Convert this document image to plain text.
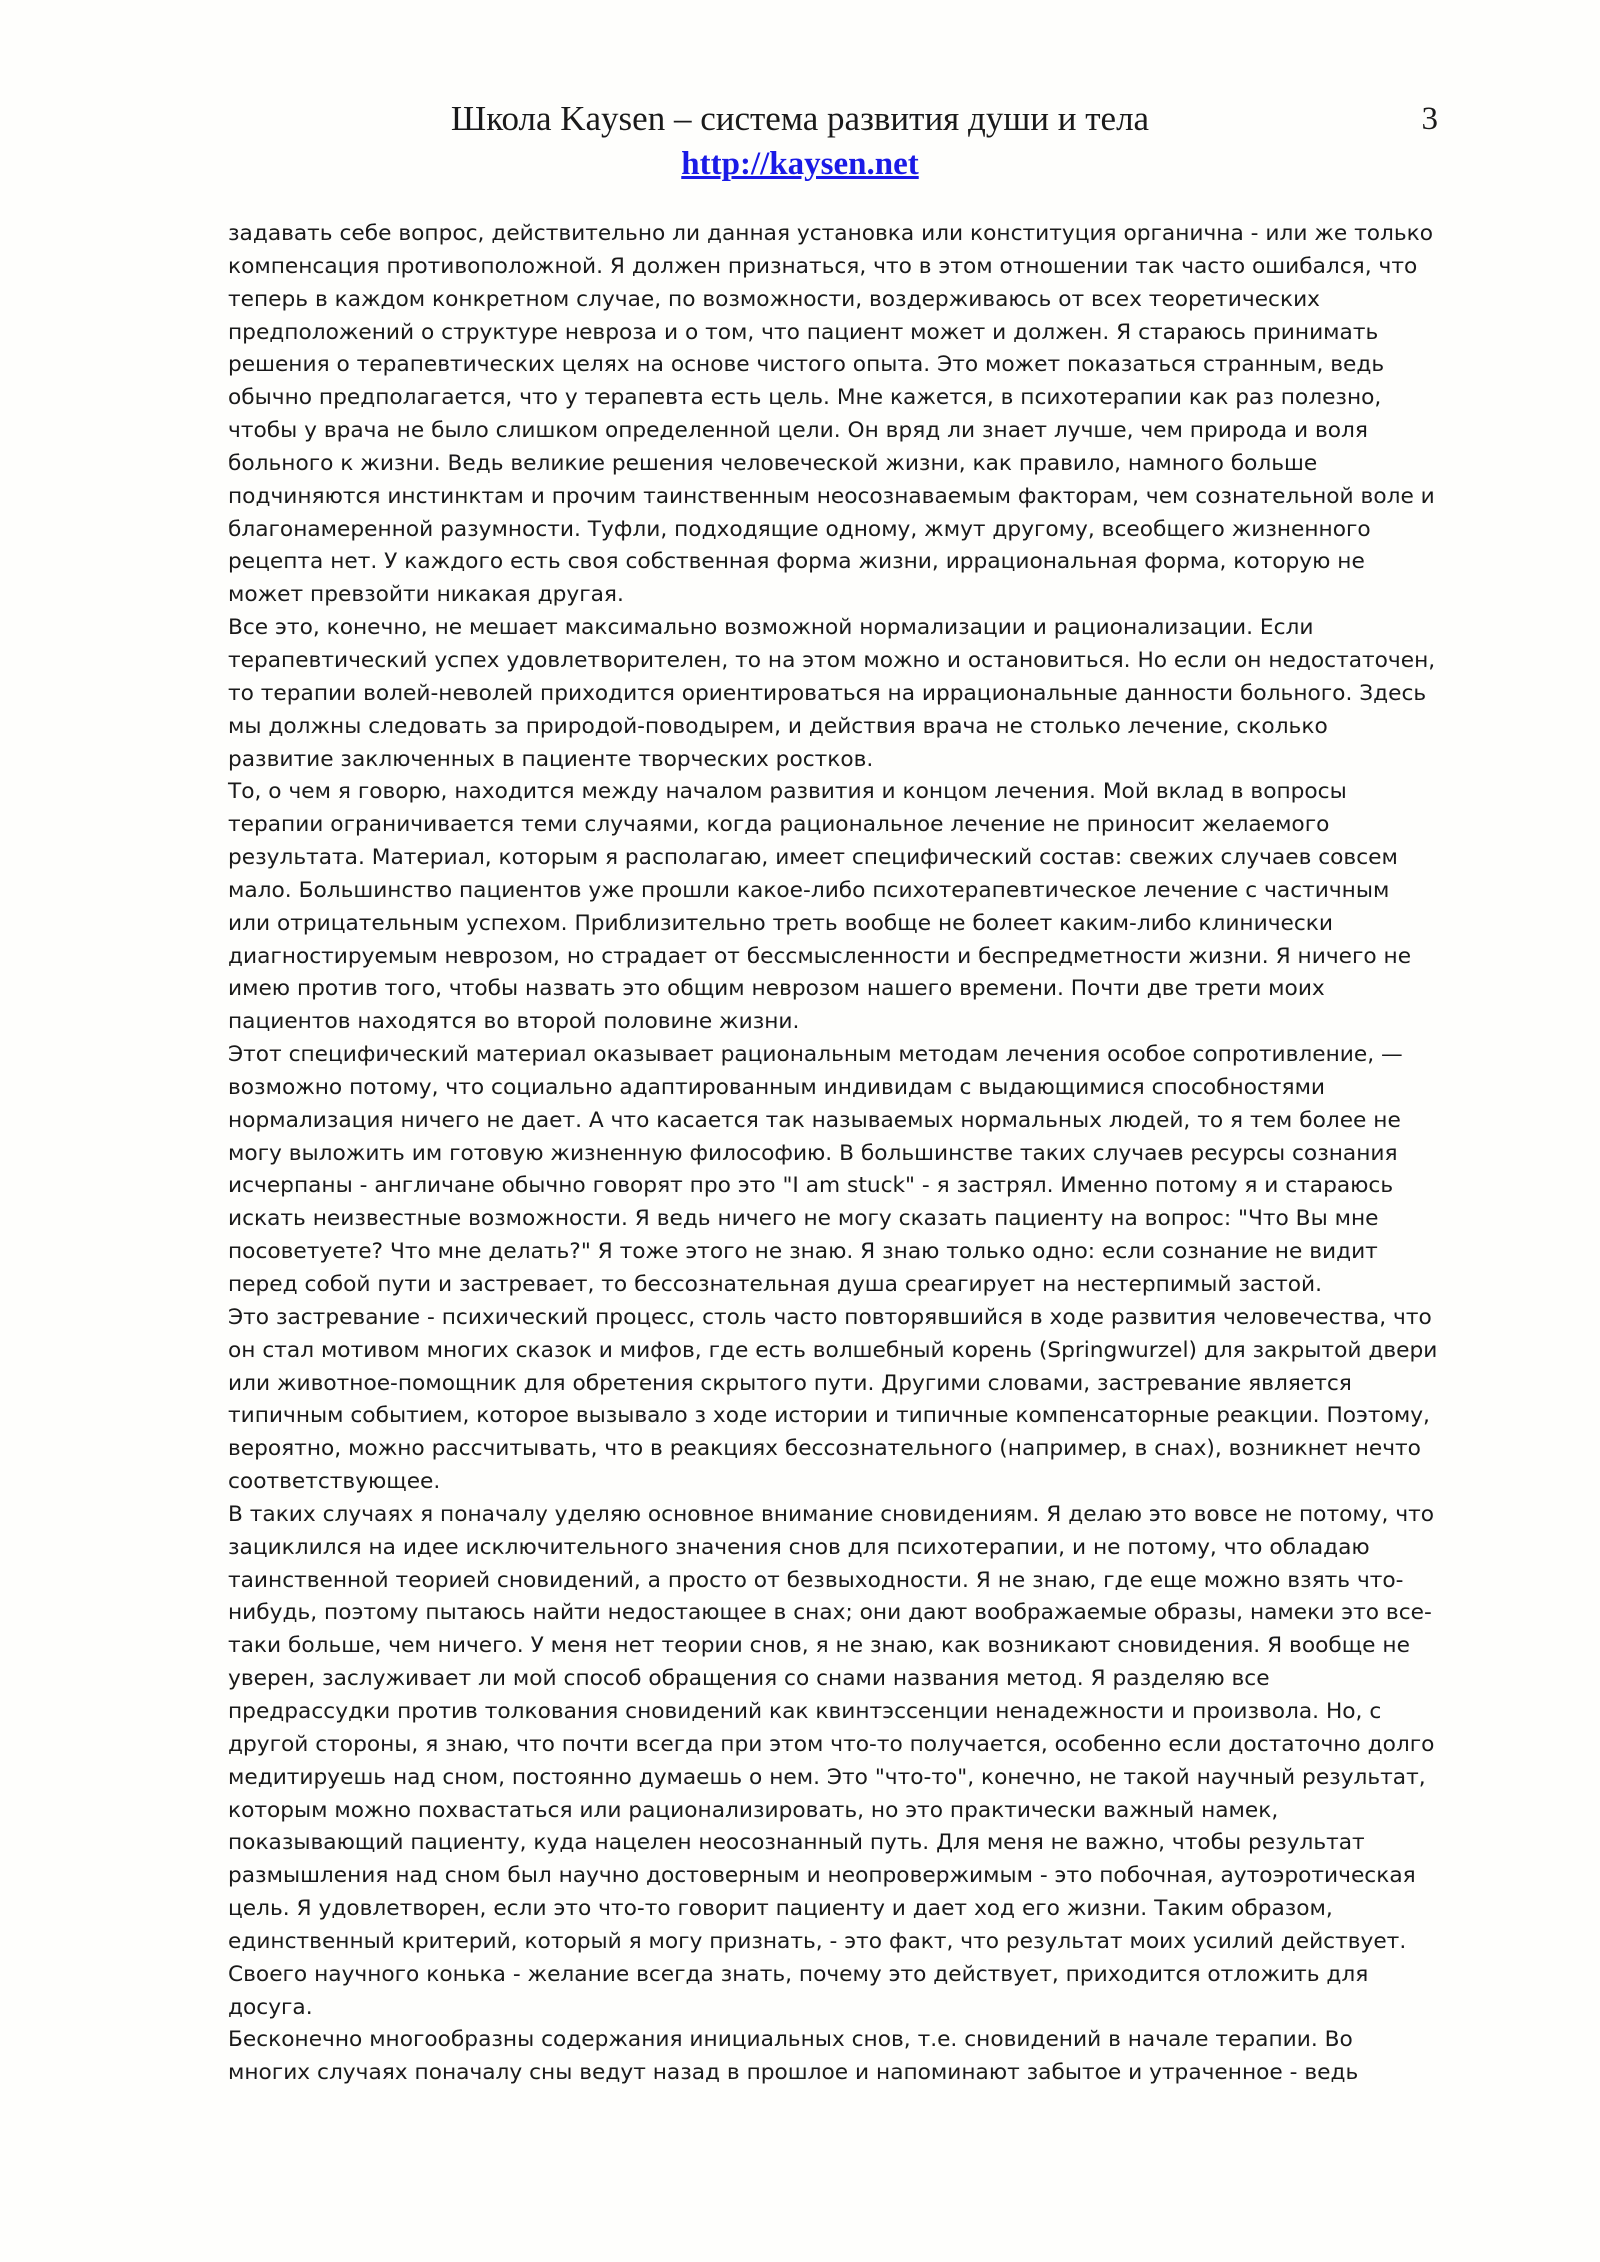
Школа Kaysen – система развития души и тела
http://kaysen.net
3

задавать себе вопрос, действительно ли данная установка или конституция органична - или же только компенсация противоположной. Я должен признаться, что в этом отношении так часто ошибался, что теперь в каждом конкретном случае, по возможности, воздерживаюсь от всех теоретических предположений о структуре невроза и о том, что пациент может и должен. Я стараюсь принимать решения о терапевтических целях на основе чистого опыта. Это может показаться странным, ведь обычно предполагается, что у терапевта есть цель. Мне кажется, в психотерапии как раз полезно, чтобы у врача не было слишком определенной цели. Он вряд ли знает лучше, чем природа и воля больного к жизни. Ведь великие решения человеческой жизни, как правило, намного больше подчиняются инстинктам и прочим таинственным неосознаваемым факторам, чем сознательной воле и благонамеренной разумности. Туфли, подходящие одному, жмут другому, всеобщего жизненного рецепта нет. У каждого есть своя собственная форма жизни, иррациональная форма, которую не может превзойти никакая другая.

Все это, конечно, не мешает максимально возможной нормализации и рационализации. Если терапевтический успех удовлетворителен, то на этом можно и остановиться. Но если он недостаточен, то терапии волей-неволей приходится ориентироваться на иррациональные данности больного. Здесь мы должны следовать за природой-поводырем, и действия врача не столько лечение, сколько развитие заключенных в пациенте творческих ростков.

То, о чем я говорю, находится между началом развития и концом лечения. Мой вклад в вопросы терапии ограничивается теми случаями, когда рациональное лечение не приносит желаемого результата. Материал, которым я располагаю, имеет специфический состав: свежих случаев совсем мало. Большинство пациентов уже прошли какое-либо психотерапевтическое лечение с частичным или отрицательным успехом. Приблизительно треть вообще не болеет каким-либо клинически диагностируемым неврозом, но страдает от бессмысленности и беспредметности жизни. Я ничего не имею против того, чтобы назвать это общим неврозом нашего времени. Почти две трети моих пациентов находятся во второй половине жизни.

Этот специфический материал оказывает рациональным методам лечения особое сопротивление, — возможно потому, что социально адаптированным индивидам с выдающимися способностями нормализация ничего не дает. А что касается так называемых нормальных людей, то я тем более не могу выложить им готовую жизненную философию. В большинстве таких случаев ресурсы сознания исчерпаны - англичане обычно говорят про это "I am stuck" - я застрял. Именно потому я и стараюсь искать неизвестные возможности. Я ведь ничего не могу сказать пациенту на вопрос: "Что Вы мне посоветуете? Что мне делать?" Я тоже этого не знаю. Я знаю только одно: если сознание не видит перед собой пути и застревает, то бессознательная душа среагирует на нестерпимый застой.

Это застревание - психический процесс, столь часто повторявшийся в ходе развития человечества, что он стал мотивом многих сказок и мифов, где есть волшебный корень (Springwurzel) для закрытой двери или животное-помощник для обретения скрытого пути. Другими словами, застревание является типичным событием, которое вызывало з ходе истории и типичные компенсаторные реакции. Поэтому, вероятно, можно рассчитывать, что в реакциях бессознательного (например, в снах), возникнет нечто соответствующее.

В таких случаях я поначалу уделяю основное внимание сновидениям. Я делаю это вовсе не потому, что зациклился на идее исключительного значения снов для психотерапии, и не потому, что обладаю таинственной теорией сновидений, а просто от безвыходности. Я не знаю, где еще можно взять что-нибудь, поэтому пытаюсь найти недостающее в снах; они дают воображаемые образы, намеки это все-таки больше, чем ничего. У меня нет теории снов, я не знаю, как возникают сновидения. Я вообще не уверен, заслуживает ли мой способ обращения со снами названия метод. Я разделяю все предрассудки против толкования сновидений как квинтэссенции ненадежности и произвола. Но, с другой стороны, я знаю, что почти всегда при этом что-то получается, особенно если достаточно долго медитируешь над сном, постоянно думаешь о нем. Это "что-то", конечно, не такой научный результат, которым можно похвастаться или рационализировать, но это практически важный намек, показывающий пациенту, куда нацелен неосознанный путь. Для меня не важно, чтобы результат размышления над сном был научно достоверным и неопровержимым - это побочная, аутоэротическая цель. Я удовлетворен, если это что-то говорит пациенту и дает ход его жизни. Таким образом, единственный критерий, который я могу признать, - это факт, что результат моих усилий действует. Своего научного конька - желание всегда знать, почему это действует, приходится отложить для досуга.

Бесконечно многообразны содержания инициальных снов, т.е. сновидений в начале терапии. Во многих случаях поначалу сны ведут назад в прошлое и напоминают забытое и утраченное - ведь
